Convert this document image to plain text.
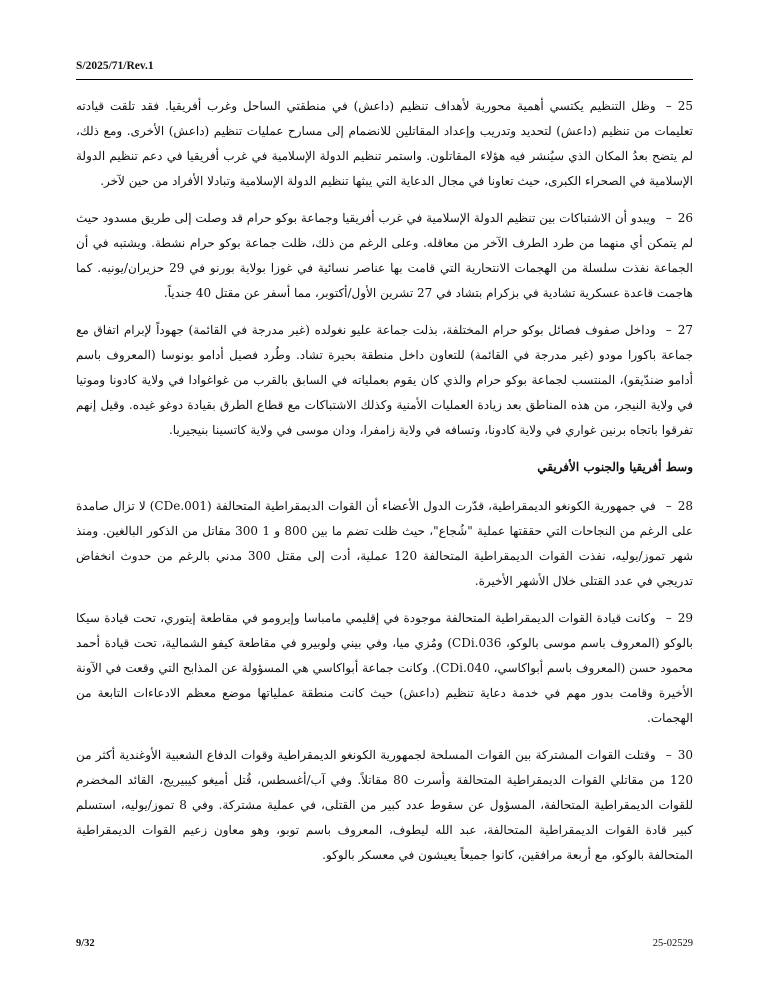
S/2025/71/Rev.1

25–وظل التنظيم يكتسي أهمية محورية لأهداف تنظيم (داعش) في منطقتي الساحل وغرب أفريقيا. فقد تلقت قيادته تعليمات من تنظيم (داعش) لتحديد وتدريب وإعداد المقاتلين للانضمام إلى مسارح عمليات تنظيم (داعش) الأخرى. ومع ذلك، لم يتضح بعدُ المكان الذي سيُنشر فيه هؤلاء المقاتلون. واستمر تنظيم الدولة الإسلامية في غرب أفريقيا في دعم تنظيم الدولة الإسلامية في الصحراء الكبرى، حيث تعاونا في مجال الدعاية التي يبثها تنظيم الدولة الإسلامية وتبادلا الأفراد من حين لآخر.

26–ويبدو أن الاشتباكات بين تنظيم الدولة الإسلامية في غرب أفريقيا وجماعة بوكو حرام قد وصلت إلى طريق مسدود حيث لم يتمكن أي منهما من طرد الطرف الآخر من معاقله. وعلى الرغم من ذلك، ظلت جماعة بوكو حرام نشطة. ويشتبه في أن الجماعة نفذت سلسلة من الهجمات الانتحارية التي قامت بها عناصر نسائية في غوزا بولاية بورنو في 29 حزيران/يونيه. كما هاجمت قاعدة عسكرية تشادية في بزكرام بتشاد في 27 تشرين الأول/أكتوبر، مما أسفر عن مقتل 40 جندياً.

27–وداخل صفوف فصائل بوكو حرام المختلفة، بذلت جماعة عليو نغولده (غير مدرجة في القائمة) جهوداً لإبرام اتفاق مع جماعة باكورا مودو (غير مدرجة في القائمة) للتعاون داخل منطقة بحيرة تشاد. وطُرد فصيل أدامو بونوسا (المعروف باسم أدامو ضندّيقو)، المنتسب لجماعة بوكو حرام والذي كان يقوم بعملياته في السابق بالقرب من غواغوادا في ولاية كادونا وموتيا في ولاية النيجر، من هذه المناطق بعد زيادة العمليات الأمنية وكذلك الاشتباكات مع قطاع الطرق بقيادة دوغو غيده. وقيل إنهم تفرقوا باتجاه برنين غواري في ولاية كادونا، وتسافه في ولاية زامفرا، ودان موسى في ولاية كاتسينا بنيجيريا.

وسط أفريقيا والجنوب الأفريقي

28–في جمهورية الكونغو الديمقراطية، قدّرت الدول الأعضاء أن القوات الديمقراطية المتحالفة (CDe.001) لا تزال صامدة على الرغم من النجاحات التي حققتها عملية "شُجاع"، حيث ظلت تضم ما بين 800 و 1 300 مقاتل من الذكور البالغين. ومنذ شهر تموز/يوليه، نفذت القوات الديمقراطية المتحالفة 120 عملية، أدت إلى مقتل 300 مدني بالرغم من حدوث انخفاض تدريجي في عدد القتلى خلال الأشهر الأخيرة.

29–وكانت قيادة القوات الديمقراطية المتحالفة موجودة في إقليمي مامباسا وإيرومو في مقاطعة إيتوري، تحت قيادة سيكا بالوكو (المعروف باسم موسى بالوكو، CDi.036) ومُزي ميا، وفي بيني ولوبيرو في مقاطعة كيفو الشمالية، تحت قيادة أحمد محمود حسن (المعروف باسم أبواكاسي، CDi.040). وكانت جماعة أبواكاسي هي المسؤولة عن المذابح التي وقعت في الآونة الأخيرة وقامت بدور مهم في خدمة دعاية تنظيم (داعش) حيث كانت منطقة عملياتها موضع معظم الادعاءات التابعة من الهجمات.

30–وقتلت القوات المشتركة بين القوات المسلحة لجمهورية الكونغو الديمقراطية وقوات الدفاع الشعبية الأوغندية أكثر من 120 من مقاتلي القوات الديمقراطية المتحالفة وأسرت 80 مقاتلاً. وفي آب/أغسطس، قُتل أميغو كيبيريج، القائد المخضرم للقوات الديمقراطية المتحالفة، المسؤول عن سقوط عدد كبير من القتلى، في عملية مشتركة. وفي 8 تموز/يوليه، استسلم كبير قادة القوات الديمقراطية المتحالفة، عبد الله ليطوف، المعروف باسم توبو، وهو معاون زعيم القوات الديمقراطية المتحالفة بالوكو، مع أربعة مرافقين، كانوا جميعاً يعيشون في معسكر بالوكو.

9/32	25-02529
